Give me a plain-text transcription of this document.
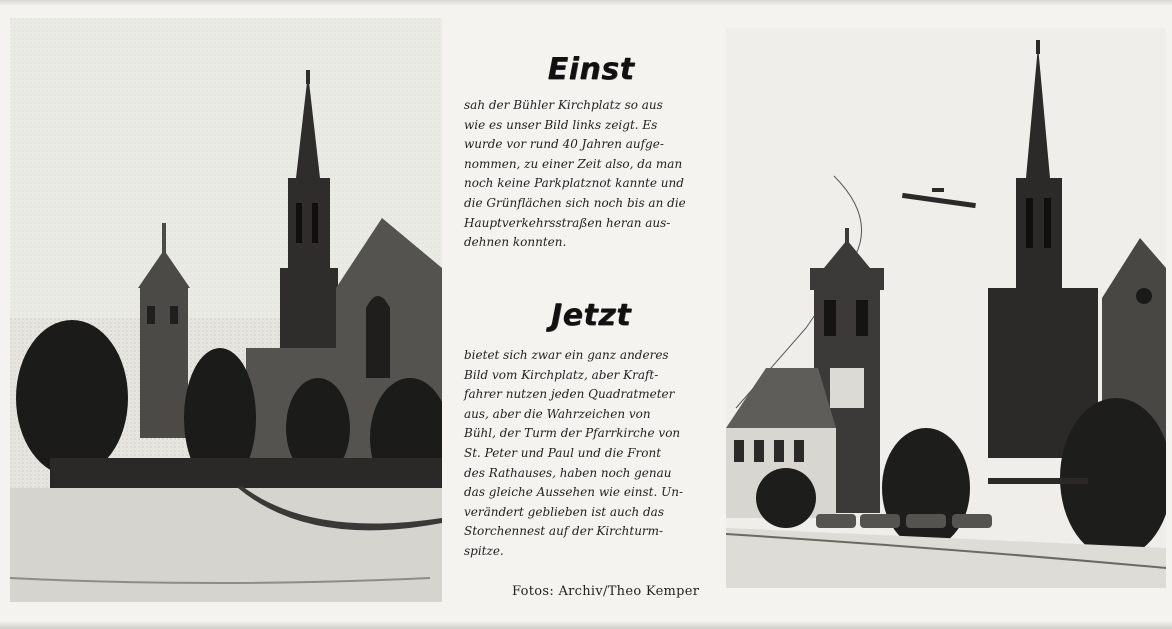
Einst
sah der Bühler Kirchplatz so aus
wie es unser Bild links zeigt. Es
wurde vor rund 40 Jahren aufge-
nommen, zu einer Zeit also, da man
noch keine Parkplatznot kannte und
die Grünflächen sich noch bis an die
Hauptverkehrsstraßen heran aus-
dehnen konnten.
Jetzt
bietet sich zwar ein ganz anderes
Bild vom Kirchplatz, aber Kraft-
fahrer nutzen jeden Quadratmeter
aus, aber die Wahrzeichen von
Bühl, der Turm der Pfarrkirche von
St. Peter und Paul und die Front
des Rathauses, haben noch genau
das gleiche Aussehen wie einst. Un-
verändert geblieben ist auch das
Storchennest auf der Kirchturm-
spitze.
Fotos: Archiv/Theo Kemper
